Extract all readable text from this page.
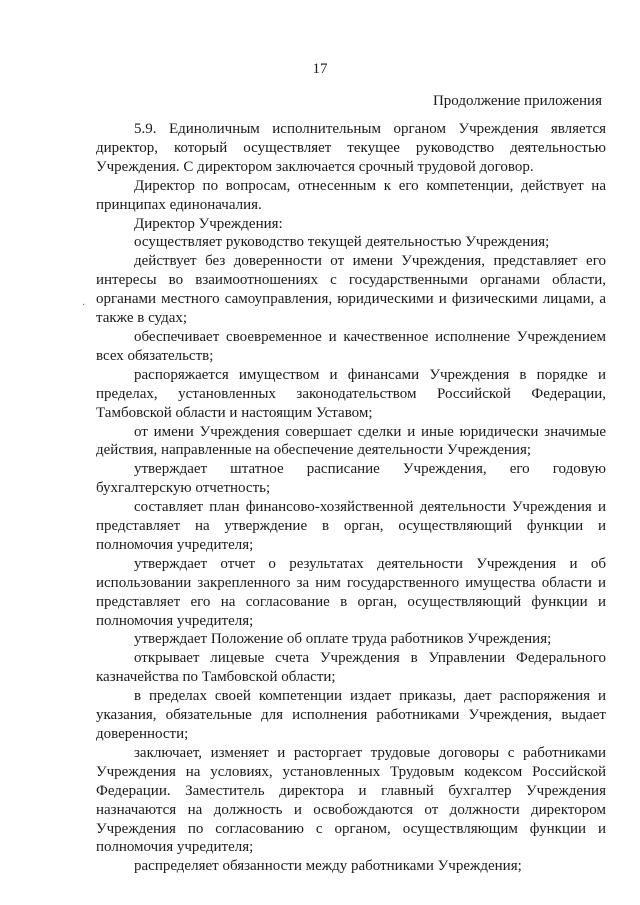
17
Продолжение приложения
·

5.9. Единоличным исполнительным органом Учреждения является директор, который осуществляет текущее руководство деятельностью Учреждения. С директором заключается срочный трудовой договор.

Директор по вопросам, отнесенным к его компетенции, действует на принципах единоначалия.

Директор Учреждения:

осуществляет руководство текущей деятельностью Учреждения;

действует без доверенности от имени Учреждения, представляет его интересы во взаимоотношениях с государственными органами области, органами местного самоуправления, юридическими и физическими лицами, а также в судах;

обеспечивает своевременное и качественное исполнение Учреждением всех обязательств;

распоряжается имуществом и финансами Учреждения в порядке и пределах, установленных законодательством Российской Федерации, Тамбовской области и настоящим Уставом;

от имени Учреждения совершает сделки и иные юридически значимые действия, направленные на обеспечение деятельности Учреждения;

утверждает штатное расписание Учреждения, его годовую бухгалтерскую отчетность;

составляет план финансово-хозяйственной деятельности Учреждения и представляет на утверждение в орган, осуществляющий функции и полномочия учредителя;

утверждает отчет о результатах деятельности Учреждения и об использовании закрепленного за ним государственного имущества области и представляет его на согласование в орган, осуществляющий функции и полномочия учредителя;

утверждает Положение об оплате труда работников Учреждения;

открывает лицевые счета Учреждения в Управлении Федерального казначейства по Тамбовской области;

в пределах своей компетенции издает приказы, дает распоряжения и указания, обязательные для исполнения работниками Учреждения, выдает доверенности;

заключает, изменяет и расторгает трудовые договоры с работниками Учреждения на условиях, установленных Трудовым кодексом Российской Федерации. Заместитель директора и главный бухгалтер Учреждения назначаются на должность и освобождаются от должности директором Учреждения по согласованию с органом, осуществляющим функции и полномочия учредителя;

распределяет обязанности между работниками Учреждения;
